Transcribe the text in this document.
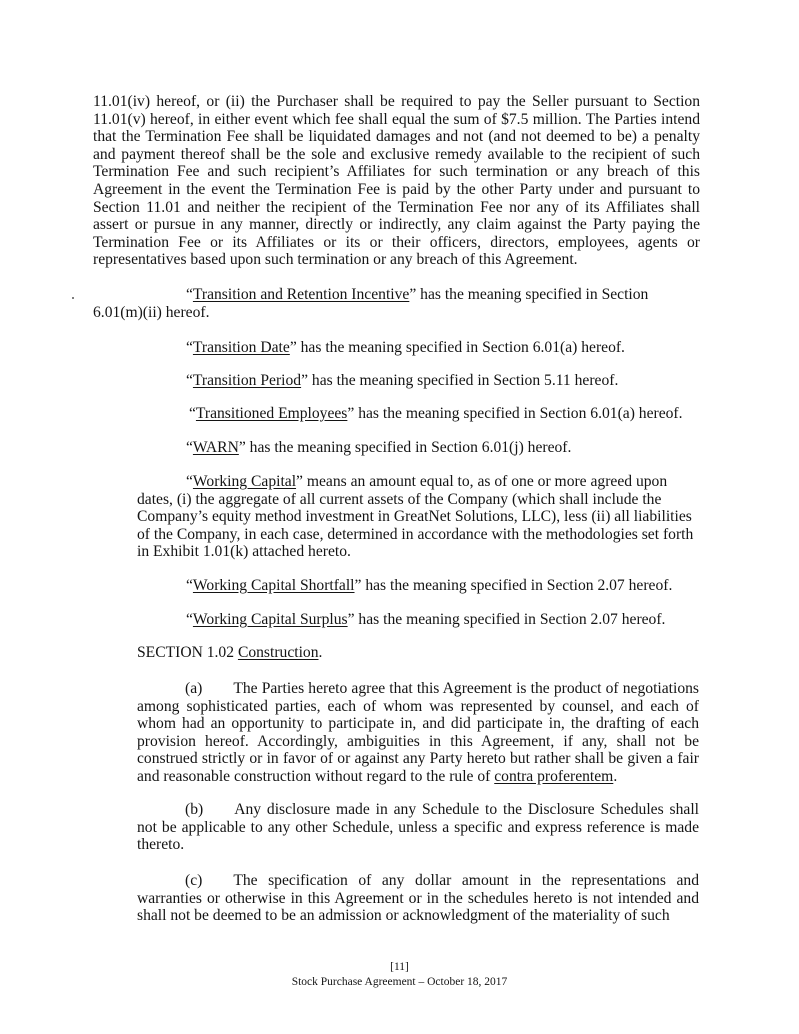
11.01(iv) hereof, or (ii) the Purchaser shall be required to pay the Seller pursuant to Section 11.01(v) hereof, in either event which fee shall equal the sum of $7.5 million. The Parties intend that the Termination Fee shall be liquidated damages and not (and not deemed to be) a penalty and payment thereof shall be the sole and exclusive remedy available to the recipient of such Termination Fee and such recipient’s Affiliates for such termination or any breach of this Agreement in the event the Termination Fee is paid by the other Party under and pursuant to Section 11.01 and neither the recipient of the Termination Fee nor any of its Affiliates shall assert or pursue in any manner, directly or indirectly, any claim against the Party paying the Termination Fee or its Affiliates or its or their officers, directors, employees, agents or representatives based upon such termination or any breach of this Agreement.

“Transition and Retention Incentive” has the meaning specified in Section
6.01(m)(ii) hereof.

“Transition Date” has the meaning specified in Section 6.01(a) hereof.

“Transition Period” has the meaning specified in Section 5.11 hereof.

“Transitioned Employees” has the meaning specified in Section 6.01(a) hereof.

“WARN” has the meaning specified in Section 6.01(j) hereof.

“Working Capital” means an amount equal to, as of one or more agreed upon
dates, (i) the aggregate of all current assets of the Company (which shall include the
Company’s equity method investment in GreatNet Solutions, LLC), less (ii) all liabilities
of the Company, in each case, determined in accordance with the methodologies set forth
in Exhibit 1.01(k) attached hereto.

“Working Capital Shortfall” has the meaning specified in Section 2.07 hereof.

“Working Capital Surplus” has the meaning specified in Section 2.07 hereof.

SECTION 1.02 Construction.

(a) The Parties hereto agree that this Agreement is the product of negotiations among sophisticated parties, each of whom was represented by counsel, and each of whom had an opportunity to participate in, and did participate in, the drafting of each provision hereof. Accordingly, ambiguities in this Agreement, if any, shall not be construed strictly or in favor of or against any Party hereto but rather shall be given a fair and reasonable construction without regard to the rule of contra proferentem.

(b) Any disclosure made in any Schedule to the Disclosure Schedules shall not be applicable to any other Schedule, unless a specific and express reference is made thereto.

(c) The specification of any dollar amount in the representations and warranties or otherwise in this Agreement or in the schedules hereto is not intended and shall not be deemed to be an admission or acknowledgment of the materiality of such

[11]
Stock Purchase Agreement – October 18, 2017
